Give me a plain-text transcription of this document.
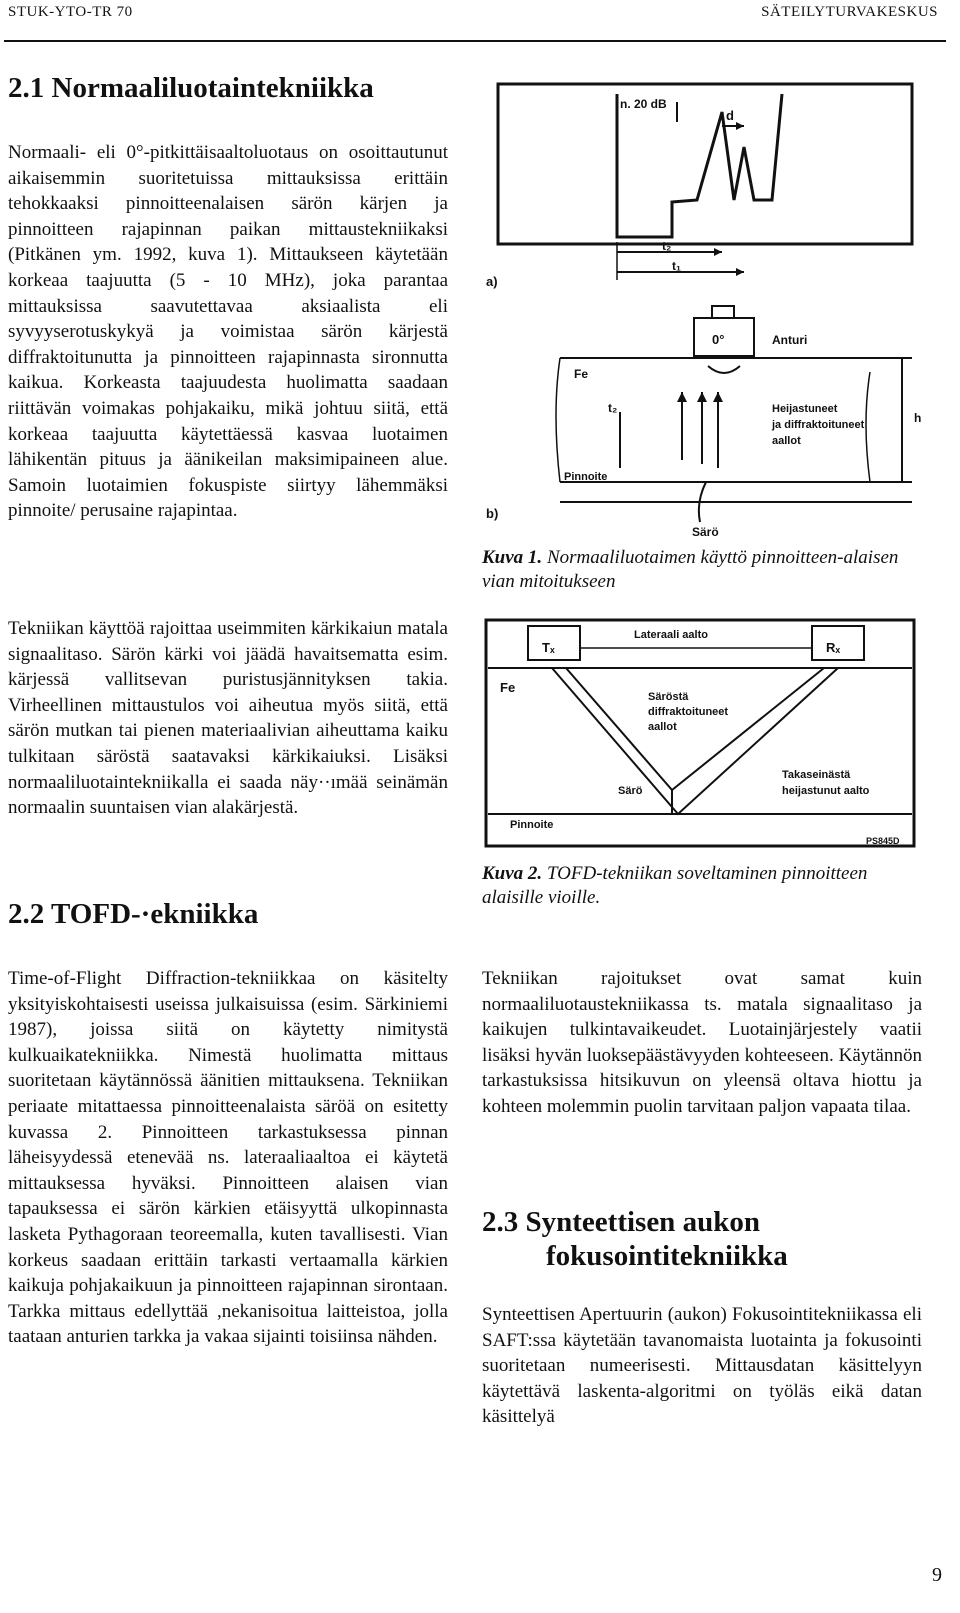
STUK-YTO-TR 70	SÄTEILYTURVAKESKUS
2.1 Normaaliluotaintekniikka

Normaali- eli 0°-pitkittäisaaltoluotaus on osoittautunut aikaisemmin suoritetuissa mittauksissa erittäin tehokkaaksi pinnoitteenalaisen särön kärjen ja pinnoitteen rajapinnan paikan mittaustekniikaksi (Pitkänen ym. 1992, kuva 1). Mittaukseen käytetään korkeaa taajuutta (5 - 10 MHz), joka parantaa mittauksissa saavutettavaa aksiaalista eli syvyyserotuskykyä ja voimistaa särön kärjestä diffraktoitunutta ja pinnoitteen rajapinnasta sironnutta kaikua. Korkeasta taajuudesta huolimatta saadaan riittävän voimakas pohjakaiku, mikä johtuu siitä, että korkeaa taajuutta käytettäessä kasvaa luotaimen lähikentän pituus ja äänikeilan maksimipaineen alue. Samoin luotaimien fokuspiste siirtyy lähemmäksi pinnoite/ perusaine rajapintaa.

Tekniikan käyttöä rajoittaa useimmiten kärkikaiun matala signaalitaso. Särön kärki voi jäädä havaitsematta esim. kärjessä vallitsevan puristusjännityksen takia. Virheellinen mittaustulos voi aiheutua myös siitä, että särön mutkan tai pienen materiaalivian aiheuttama kaiku tulkitaan säröstä saatavaksi kärkikaiuksi. Lisäksi normaaliluotaintekniikalla ei saada näy··ımää seinämän normaalin suuntaisen vian alakärjestä.

2.2 TOFD-·ekniikka

Time-of-Flight Diffraction-tekniikkaa on käsitelty yksityiskohtaisesti useissa julkaisuissa (esim. Särkiniemi 1987), joissa siitä on käytetty nimitystä kulkuaikatekniikka. Nimestä huolimatta mittaus suoritetaan käytännössä äänitien mittauksena. Tekniikan periaate mitattaessa pinnoitteenalaista säröä on esitetty kuvassa 2. Pinnoitteen tarkastuksessa pinnan läheisyydessä etenevää ns. lateraaliaaltoa ei käytetä mittauksessa hyväksi. Pinnoitteen alaisen vian tapauksessa ei särön kärkien etäisyyttä ulkopinnasta lasketa Pythagoraan teoreemalla, kuten tavallisesti. Vian korkeus saadaan erittäin tarkasti vertaamalla kärkien kaikuja pohjakaikuun ja pinnoitteen rajapinnan sirontaan. Tarkka mittaus edellyttää ,nekanisoitua laitteistoa, jolla taataan anturien tarkka ja vakaa sijainti toisiinsa nähden.

Tekniikan rajoitukset ovat samat kuin normaaliluotaustekniikassa ts. matala signaalitaso ja kaikujen tulkintavaikeudet. Luotainjärjestely vaatii lisäksi hyvän luoksepäästävyyden kohteeseen. Käytännön tarkastuksissa hitsikuvun on yleensä oltava hiottu ja kohteen molemmin puolin tarvitaan paljon vapaata tilaa.

2.3 Synteettisen aukon
fokusointitekniikka

Synteettisen Apertuurin (aukon) Fokusointitekniikassa eli SAFT:ssa käytetään tavanomaista luotainta ja fokusointi suoritetaan numeerisesti. Mittausdatan käsittelyyn käytettävä laskenta-algoritmi on työläs eikä datan käsittelyä

n. 20 dB
d
t₂
t₁
a)
0°	Anturi
Fe
Pinnoite
t₂	Heijastuneet
ja diffraktoituneet
aallot
h
Särö
b)
Kuva 1. Normaaliluotaimen käyttö pinnoitteen-alaisen vian mitoitukseen
Tₓ	Rₓ
Lateraali aalto
Fe
Säröstä
diffraktoituneet
aallot
Takaseinästä
heijastunut aalto
Särö
Pinnoite
PS845D
Kuva 2. TOFD-tekniikan soveltaminen pinnoitteen alaisille vioille.
9
